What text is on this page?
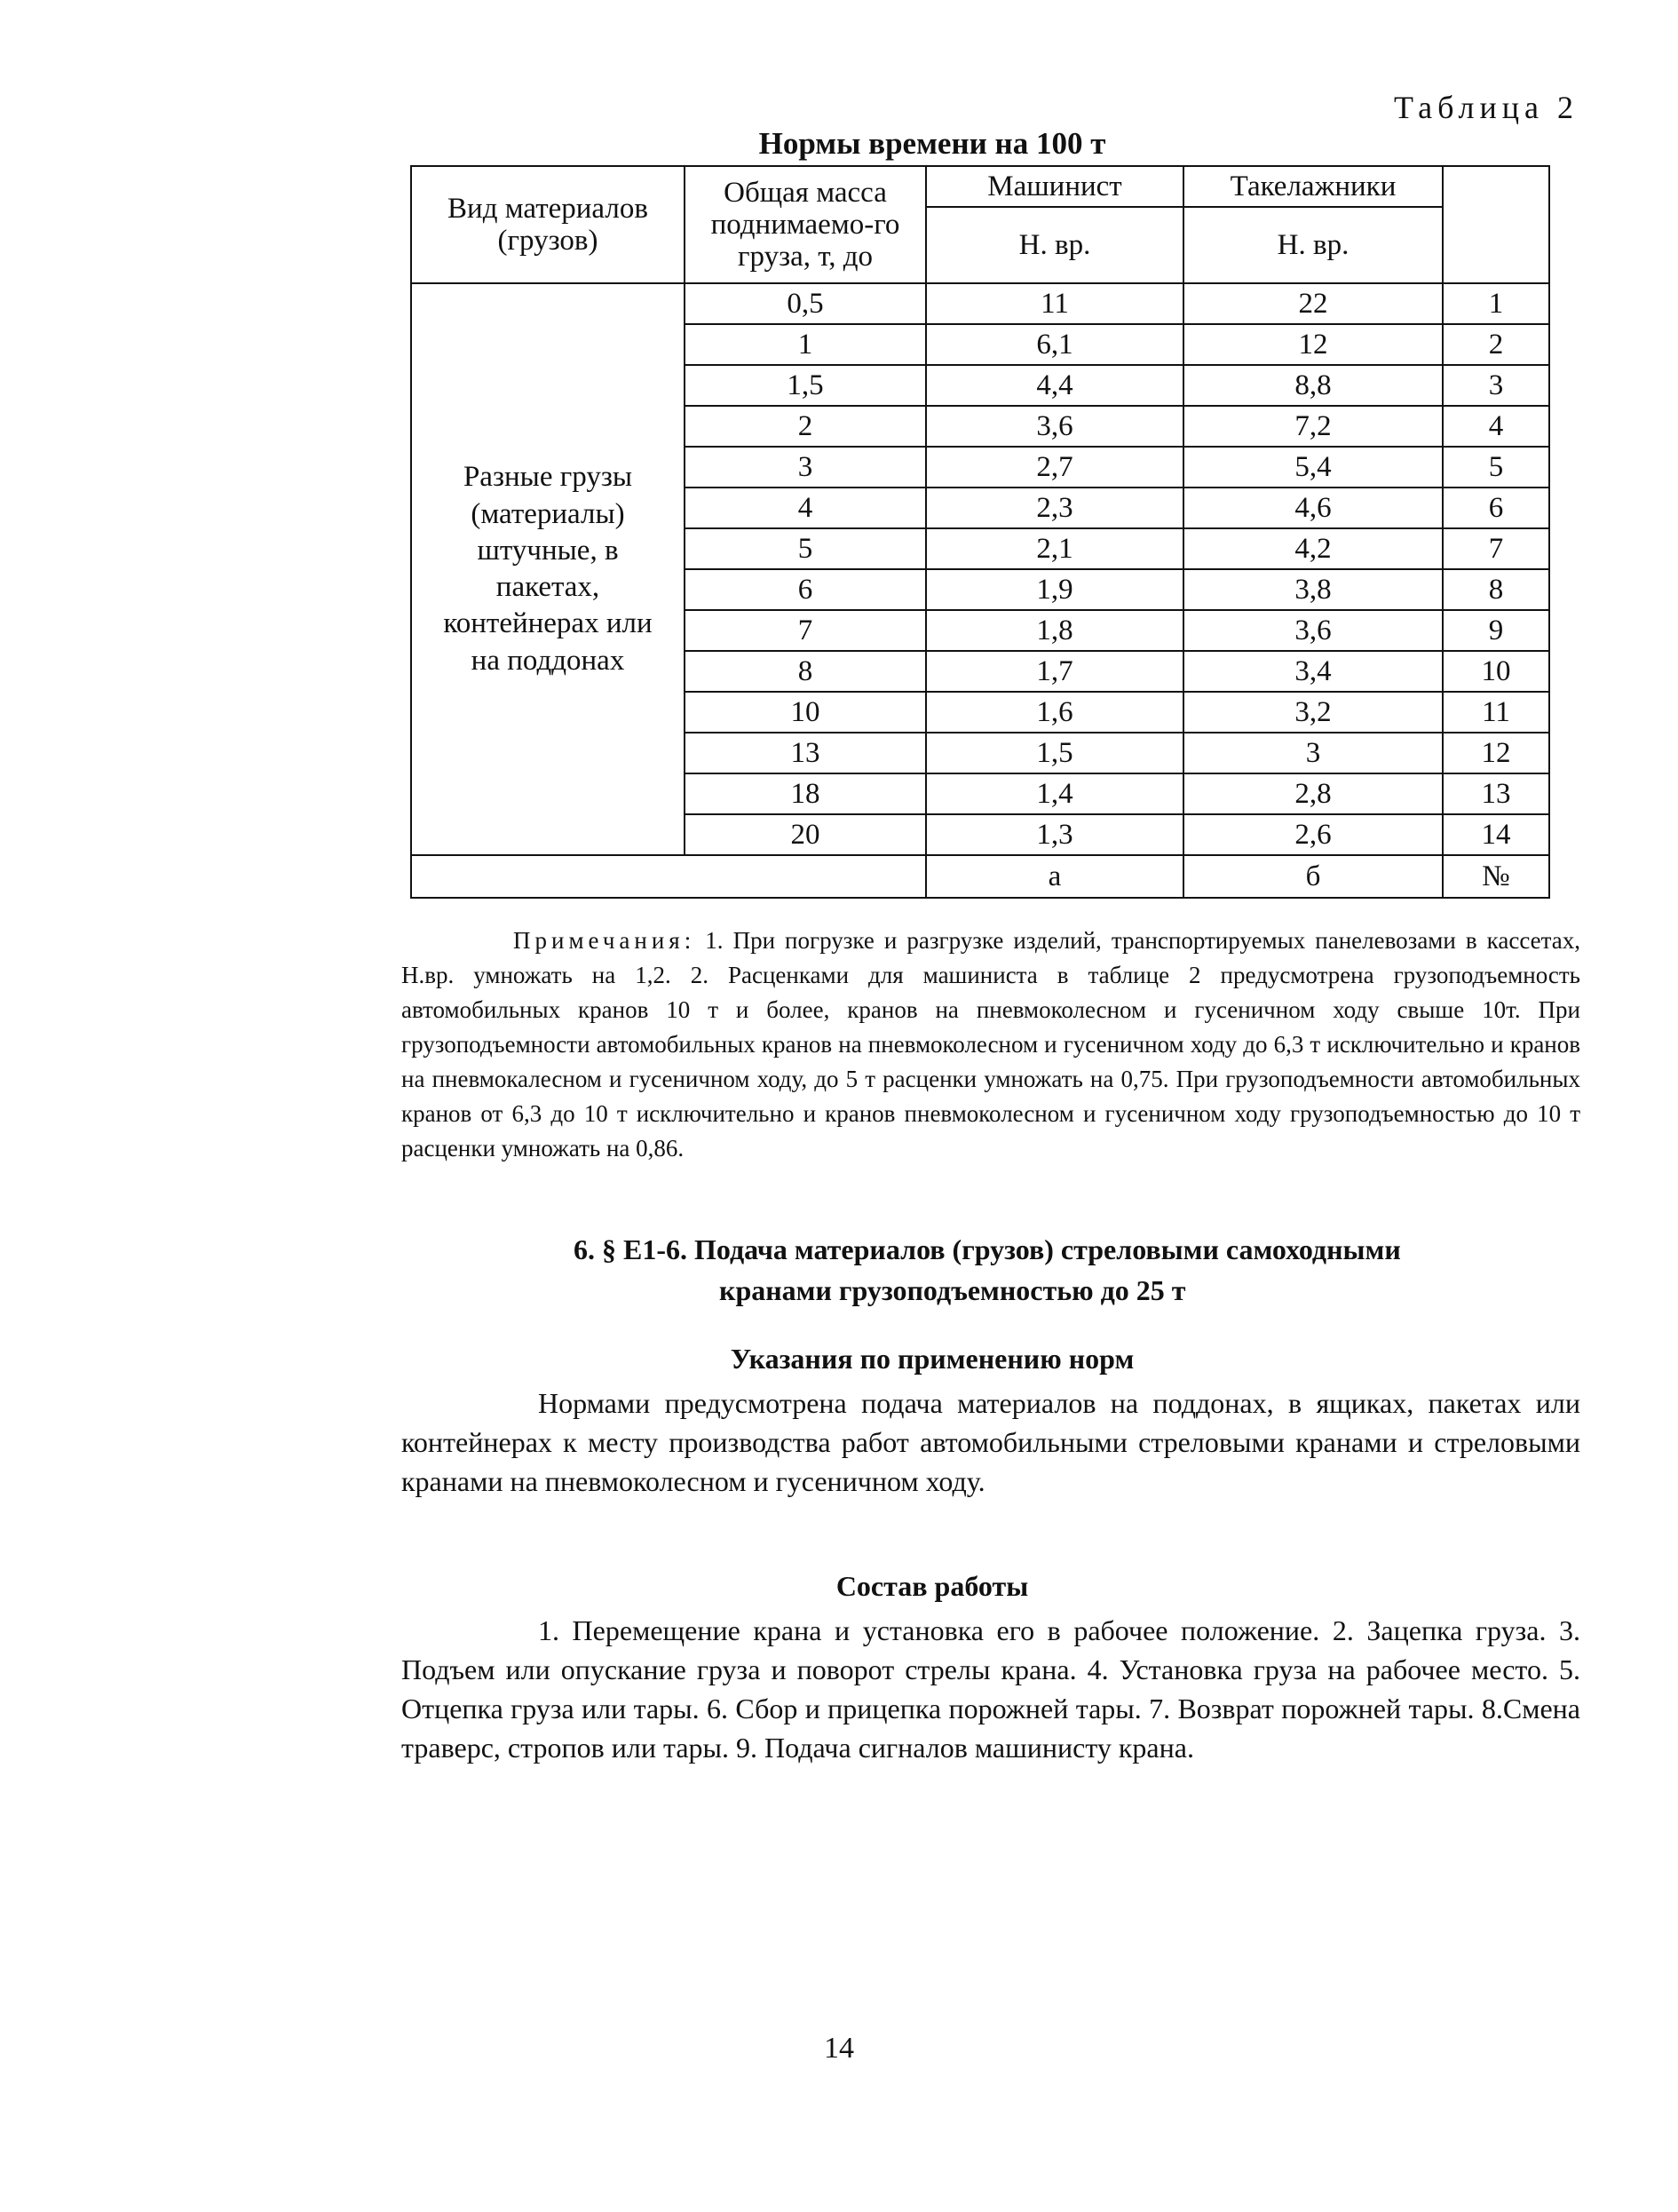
Таблица 2
Нормы времени на 100 т
Вид материалов (грузов)	Общая масса поднимаемо-го груза, т, до	Машинист	Такелажники	
		Н. вр.	Н. вр.	
Разные грузы (материалы) штучные, в пакетах, контейнерах или на поддонах	0,5	11	22	1
	1	6,1	12	2
	1,5	4,4	8,8	3
	2	3,6	7,2	4
	3	2,7	5,4	5
	4	2,3	4,6	6
	5	2,1	4,2	7
	6	1,9	3,8	8
	7	1,8	3,6	9
	8	1,7	3,4	10
	10	1,6	3,2	11
	13	1,5	3	12
	18	1,4	2,8	13
	20	1,3	2,6	14
		а	б	№
Примечания: 1. При погрузке и разгрузке изделий, транспортируемых панелевозами в кассетах, Н.вр. умножать на 1,2. 2. Расценками для машиниста в таблице 2 предусмотрена грузоподъемность автомобильных кранов 10 т и более, кранов на пневмоколесном и гусеничном ходу свыше 10т. При грузоподъемности автомобильных кранов на пневмоколесном и гусеничном ходу до 6,3 т исключительно и кранов на пневмокалесном и гусеничном ходу, до 5 т расценки умножать на 0,75. При грузоподъемности автомобильных кранов от 6,3 до 10 т исключительно и кранов пневмоколесном и гусеничном ходу грузоподъемностью до 10 т расценки умножать на 0,86.
6. § Е1-6. Подача материалов (грузов) стреловыми самоходными
кранами грузоподъемностью до 25 т
Указания по применению норм
Нормами предусмотрена подача материалов на поддонах, в ящиках, пакетах или контейнерах к месту производства работ автомобильными стреловыми кранами и стреловыми кранами на пневмоколесном и гусеничном ходу.
Состав работы
1. Перемещение крана и установка его в рабочее положение. 2. Зацепка груза. 3. Подъем или опускание груза и поворот стрелы крана. 4. Установка груза на рабочее место. 5. Отцепка груза или тары. 6. Сбор и прицепка порожней тары. 7. Возврат порожней тары. 8.Смена траверс, стропов или тары. 9. Подача сигналов машинисту крана.
14
